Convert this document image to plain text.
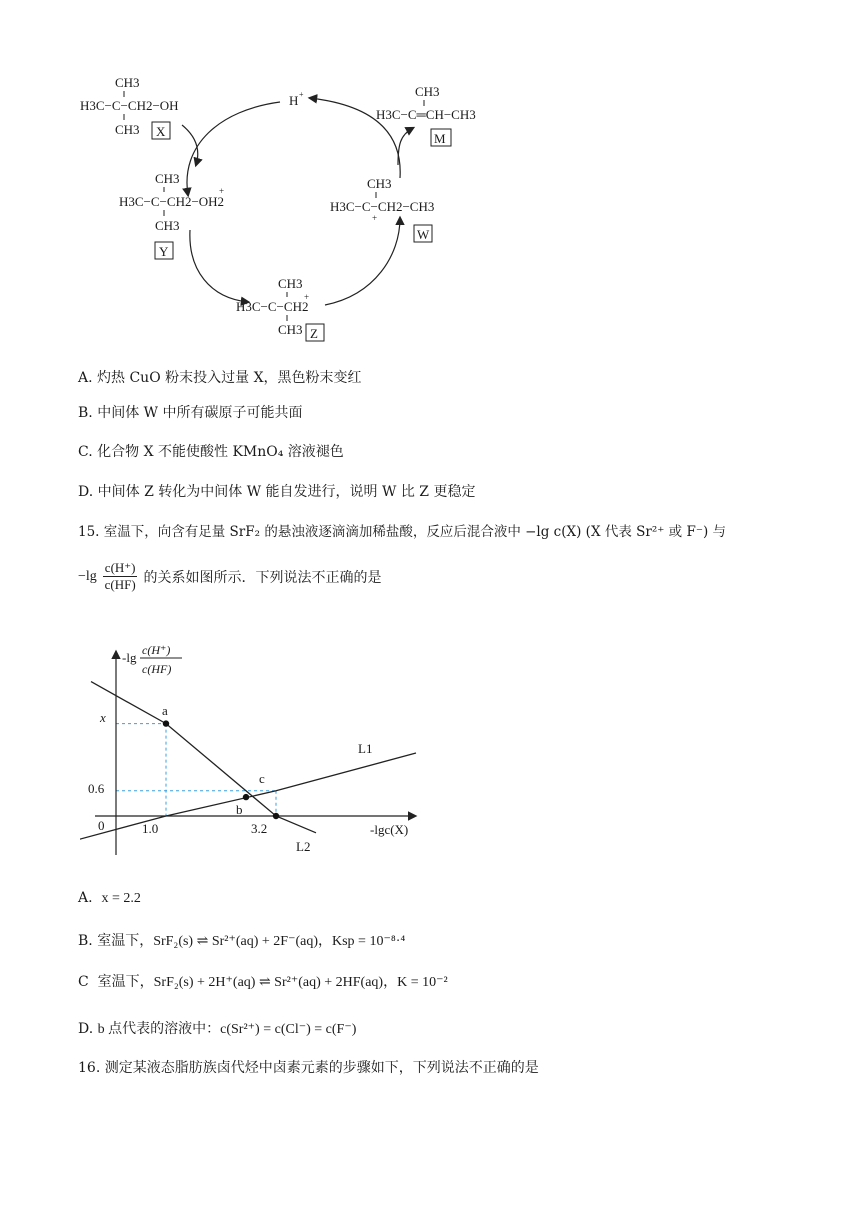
CH3
H3C−C−CH2−OH
CH3 X
CH3
H3C−C−CH2−OH2
+
CH3
Y
CH3
H3C−C−CH2
+
CH3 Z
CH3
H3C−C−CH2−CH3
+
W
CH3
H3C−C═CH−CH3
M
H +
A. 灼热 CuO 粉末投入过量 X，黑色粉末变红
B. 中间体 W 中所有碳原子可能共面
C. 化合物 X 不能使酸性 KMnO₄ 溶液褪色
D. 中间体 Z 转化为中间体 W 能自发进行，说明 W 比 Z 更稳定
15. 室温下，向含有足量 SrF₂ 的悬浊液逐滴滴加稀盐酸，反应后混合液中 −lg c(X) (X 代表 Sr²⁺ 或 F⁻) 与
−lg
c(H⁺)
c(HF) 的关系如图所示．下列说法不正确的是
-lg c(H⁺)
c(HF)
-lgc(X)
0	1.0	3.2
0.6
x	a
b
c
L1
L2
A. x = 2.2
B. 室温下，SrF₂(s) ⇌ Sr²⁺(aq) + 2F⁻(aq)，Ksp = 10⁻⁸·⁴
C 室温下，SrF₂(s) + 2H⁺(aq) ⇌ Sr²⁺(aq) + 2HF(aq)，K = 10⁻²
D. b 点代表的溶液中：c(Sr²⁺) = c(Cl⁻) = c(F⁻)
16. 测定某液态脂肪族卤代烃中卤素元素的步骤如下，下列说法不正确的是
